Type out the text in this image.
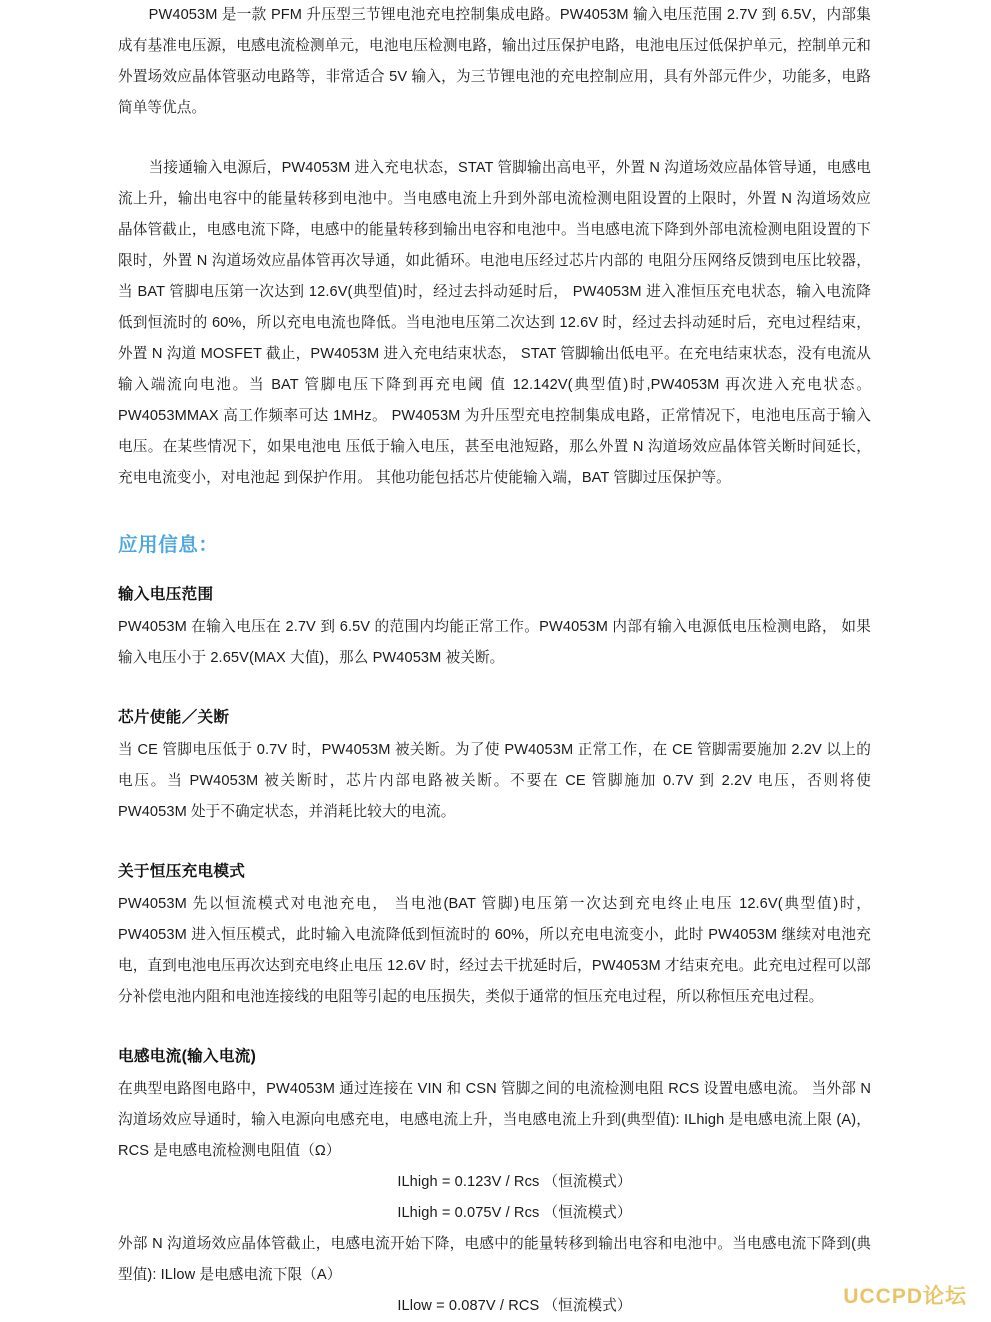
PW4053M 是一款 PFM 升压型三节锂电池充电控制集成电路。PW4053M 输入电压范围 2.7V 到 6.5V，内部集成有基准电压源，电感电流检测单元，电池电压检测电路，输出过压保护电路，电池电压过低保护单元，控制单元和外置场效应晶体管驱动电路等，非常适合 5V 输入，为三节锂电池的充电控制应用，具有外部元件少，功能多，电路简单等优点。

当接通输入电源后，PW4053M 进入充电状态，STAT 管脚输出高电平，外置 N 沟道场效应晶体管导通，电感电流上升，输出电容中的能量转移到电池中。当电感电流上升到外部电流检测电阻设置的上限时，外置 N 沟道场效应晶体管截止，电感电流下降，电感中的能量转移到输出电容和电池中。当电感电流下降到外部电流检测电阻设置的下限时，外置 N 沟道场效应晶体管再次导通，如此循环。电池电压经过芯片内部的 电阻分压网络反馈到电压比较器，当 BAT 管脚电压第一次达到 12.6V(典型值)时，经过去抖动延时后， PW4053M 进入准恒压充电状态，输入电流降低到恒流时的 60%，所以充电电流也降低。当电池电压第二次达到 12.6V 时，经过去抖动延时后，充电过程结束，外置 N 沟道 MOSFET 截止，PW4053M 进入充电结束状态， STAT 管脚输出低电平。在充电结束状态，没有电流从输入端流向电池。当 BAT 管脚电压下降到再充电阈 值 12.142V(典型值)时,PW4053M 再次进入充电状态。PW4053MMAX 高工作频率可达 1MHz。 PW4053M 为升压型充电控制集成电路，正常情况下，电池电压高于输入电压。在某些情况下，如果电池电 压低于输入电压，甚至电池短路，那么外置 N 沟道场效应晶体管关断时间延长，充电电流变小，对电池起 到保护作用。 其他功能包括芯片使能输入端，BAT 管脚过压保护等。

应用信息：
输入电压范围

PW4053M 在输入电压在 2.7V 到 6.5V 的范围内均能正常工作。PW4053M 内部有输入电源低电压检测电路， 如果输入电压小于 2.65V(MAX 大值)，那么 PW4053M 被关断。

芯片使能／关断

当 CE 管脚电压低于 0.7V 时，PW4053M 被关断。为了使 PW4053M 正常工作，在 CE 管脚需要施加 2.2V 以上的电压。当 PW4053M 被关断时，芯片内部电路被关断。不要在 CE 管脚施加 0.7V 到 2.2V 电压，否则将使 PW4053M 处于不确定状态，并消耗比较大的电流。

关于恒压充电模式

PW4053M 先以恒流模式对电池充电， 当电池(BAT 管脚)电压第一次达到充电终止电压 12.6V(典型值)时，PW4053M 进入恒压模式，此时输入电流降低到恒流时的 60%，所以充电电流变小，此时 PW4053M 继续对电池充电，直到电池电压再次达到充电终止电压 12.6V 时，经过去干扰延时后，PW4053M 才结束充电。此充电过程可以部分补偿电池内阻和电池连接线的电阻等引起的电压损失，类似于通常的恒压充电过程，所以称恒压充电过程。

电感电流(输入电流)

在典型电路图电路中，PW4053M 通过连接在 VIN 和 CSN 管脚之间的电流检测电阻 RCS 设置电感电流。 当外部 N 沟道场效应导通时，输入电源向电感充电，电感电流上升，当电感电流上升到(典型值): ILhigh 是电感电流上限 (A)，RCS 是电感电流检测电阻值（Ω）

ILhigh = 0.123V / Rcs （恒流模式）
ILhigh = 0.075V / Rcs （恒流模式）

外部 N 沟道场效应晶体管截止，电感电流开始下降，电感中的能量转移到输出电容和电池中。当电感电流下降到(典型值): ILlow 是电感电流下限（A）

ILlow = 0.087V / RCS （恒流模式）	UCCPD论坛
